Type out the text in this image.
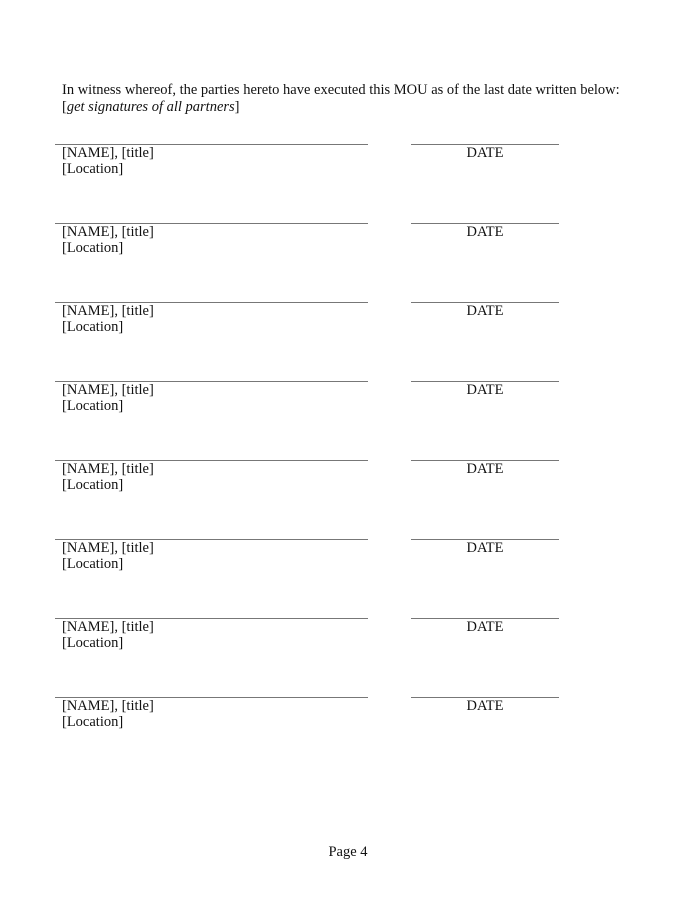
In witness whereof, the parties hereto have executed this MOU as of the last date written below:
[get signatures of all partners]
[NAME], [title]
[Location]
DATE
[NAME], [title]
[Location]
DATE
[NAME], [title]
[Location]
DATE
[NAME], [title]
[Location]
DATE
[NAME], [title]
[Location]
DATE
[NAME], [title]
[Location]
DATE
[NAME], [title]
[Location]
DATE
[NAME], [title]
[Location]
DATE
Page 4
